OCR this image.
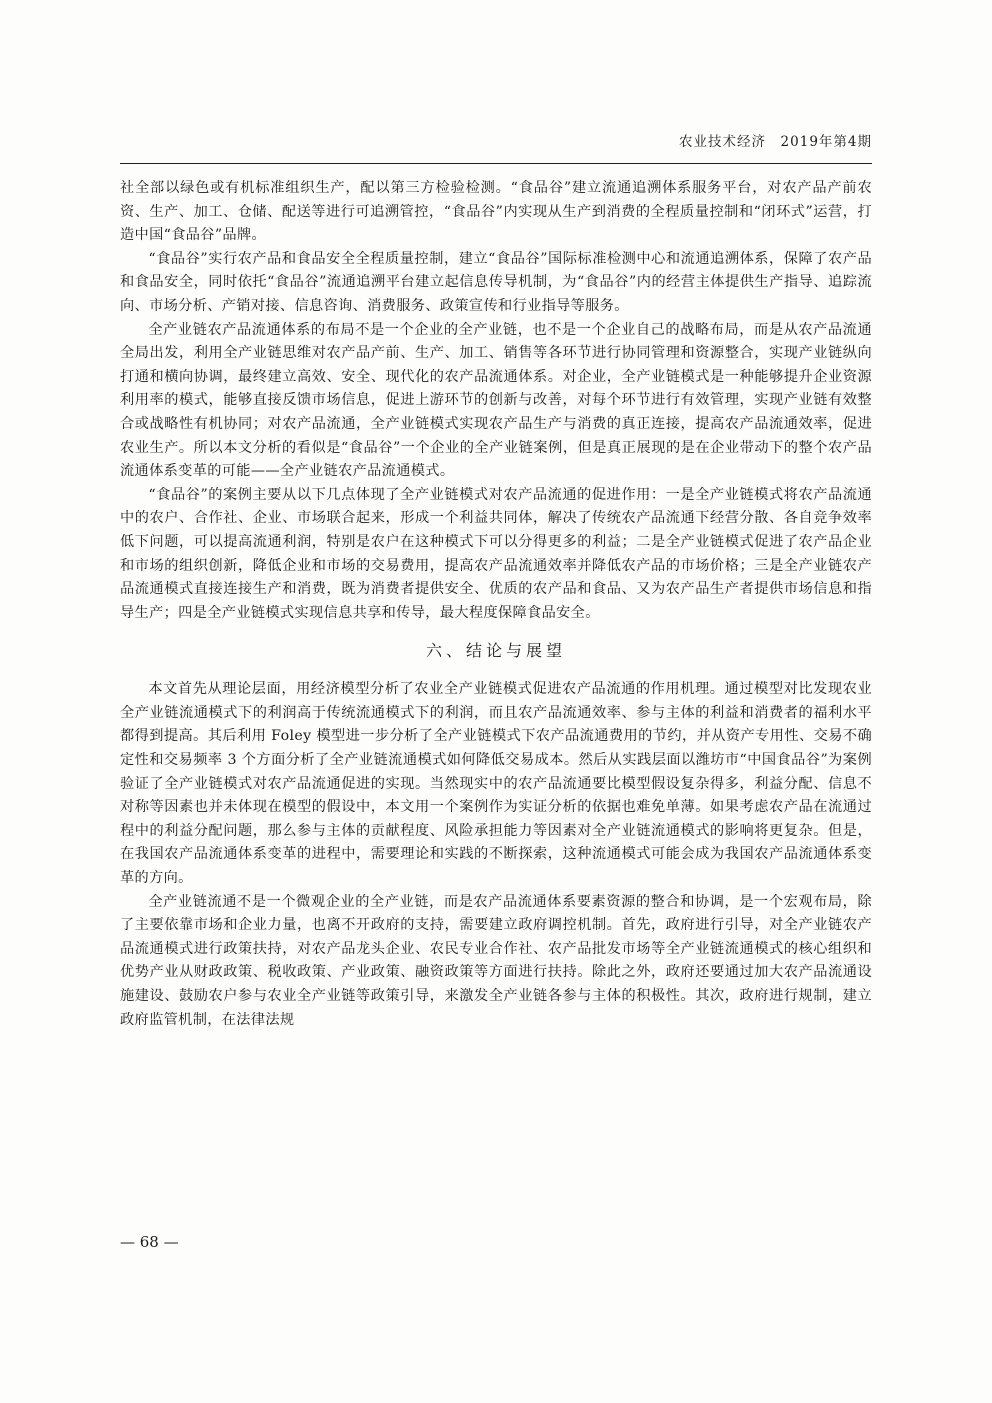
农业技术经济　2019年第4期

社全部以绿色或有机标准组织生产，配以第三方检验检测。“食品谷”建立流通追溯体系服务平台，对农产品产前农资、生产、加工、仓储、配送等进行可追溯管控，“食品谷”内实现从生产到消费的全程质量控制和“闭环式”运营，打造中国“食品谷”品牌。

“食品谷”实行农产品和食品安全全程质量控制，建立“食品谷”国际标准检测中心和流通追溯体系，保障了农产品和食品安全，同时依托“食品谷”流通追溯平台建立起信息传导机制，为“食品谷”内的经营主体提供生产指导、追踪流向、市场分析、产销对接、信息咨询、消费服务、政策宣传和行业指导等服务。

全产业链农产品流通体系的布局不是一个企业的全产业链，也不是一个企业自己的战略布局，而是从农产品流通全局出发，利用全产业链思维对农产品产前、生产、加工、销售等各环节进行协同管理和资源整合，实现产业链纵向打通和横向协调，最终建立高效、安全、现代化的农产品流通体系。对企业，全产业链模式是一种能够提升企业资源利用率的模式，能够直接反馈市场信息，促进上游环节的创新与改善，对每个环节进行有效管理，实现产业链有效整合或战略性有机协同；对农产品流通，全产业链模式实现农产品生产与消费的真正连接，提高农产品流通效率，促进农业生产。所以本文分析的看似是“食品谷”一个企业的全产业链案例，但是真正展现的是在企业带动下的整个农产品流通体系变革的可能——全产业链农产品流通模式。

“食品谷”的案例主要从以下几点体现了全产业链模式对农产品流通的促进作用：一是全产业链模式将农产品流通中的农户、合作社、企业、市场联合起来，形成一个利益共同体，解决了传统农产品流通下经营分散、各自竞争效率低下问题，可以提高流通利润，特别是农户在这种模式下可以分得更多的利益；二是全产业链模式促进了农产品企业和市场的组织创新，降低企业和市场的交易费用，提高农产品流通效率并降低农产品的市场价格；三是全产业链农产品流通模式直接连接生产和消费，既为消费者提供安全、优质的农产品和食品、又为农产品生产者提供市场信息和指导生产；四是全产业链模式实现信息共享和传导，最大程度保障食品安全。

六、结论与展望

本文首先从理论层面，用经济模型分析了农业全产业链模式促进农产品流通的作用机理。通过模型对比发现农业全产业链流通模式下的利润高于传统流通模式下的利润，而且农产品流通效率、参与主体的利益和消费者的福利水平都得到提高。其后利用 Foley 模型进一步分析了全产业链模式下农产品流通费用的节约，并从资产专用性、交易不确定性和交易频率 3 个方面分析了全产业链流通模式如何降低交易成本。然后从实践层面以潍坊市“中国食品谷”为案例验证了全产业链模式对农产品流通促进的实现。当然现实中的农产品流通要比模型假设复杂得多，利益分配、信息不对称等因素也并未体现在模型的假设中，本文用一个案例作为实证分析的依据也难免单薄。如果考虑农产品在流通过程中的利益分配问题，那么参与主体的贡献程度、风险承担能力等因素对全产业链流通模式的影响将更复杂。但是，在我国农产品流通体系变革的进程中，需要理论和实践的不断探索，这种流通模式可能会成为我国农产品流通体系变革的方向。

全产业链流通不是一个微观企业的全产业链，而是农产品流通体系要素资源的整合和协调，是一个宏观布局，除了主要依靠市场和企业力量，也离不开政府的支持，需要建立政府调控机制。首先，政府进行引导，对全产业链农产品流通模式进行政策扶持，对农产品龙头企业、农民专业合作社、农产品批发市场等全产业链流通模式的核心组织和优势产业从财政政策、税收政策、产业政策、融资政策等方面进行扶持。除此之外，政府还要通过加大农产品流通设施建设、鼓励农户参与农业全产业链等政策引导，来激发全产业链各参与主体的积极性。其次，政府进行规制，建立政府监管机制，在法律法规

— 68 —
